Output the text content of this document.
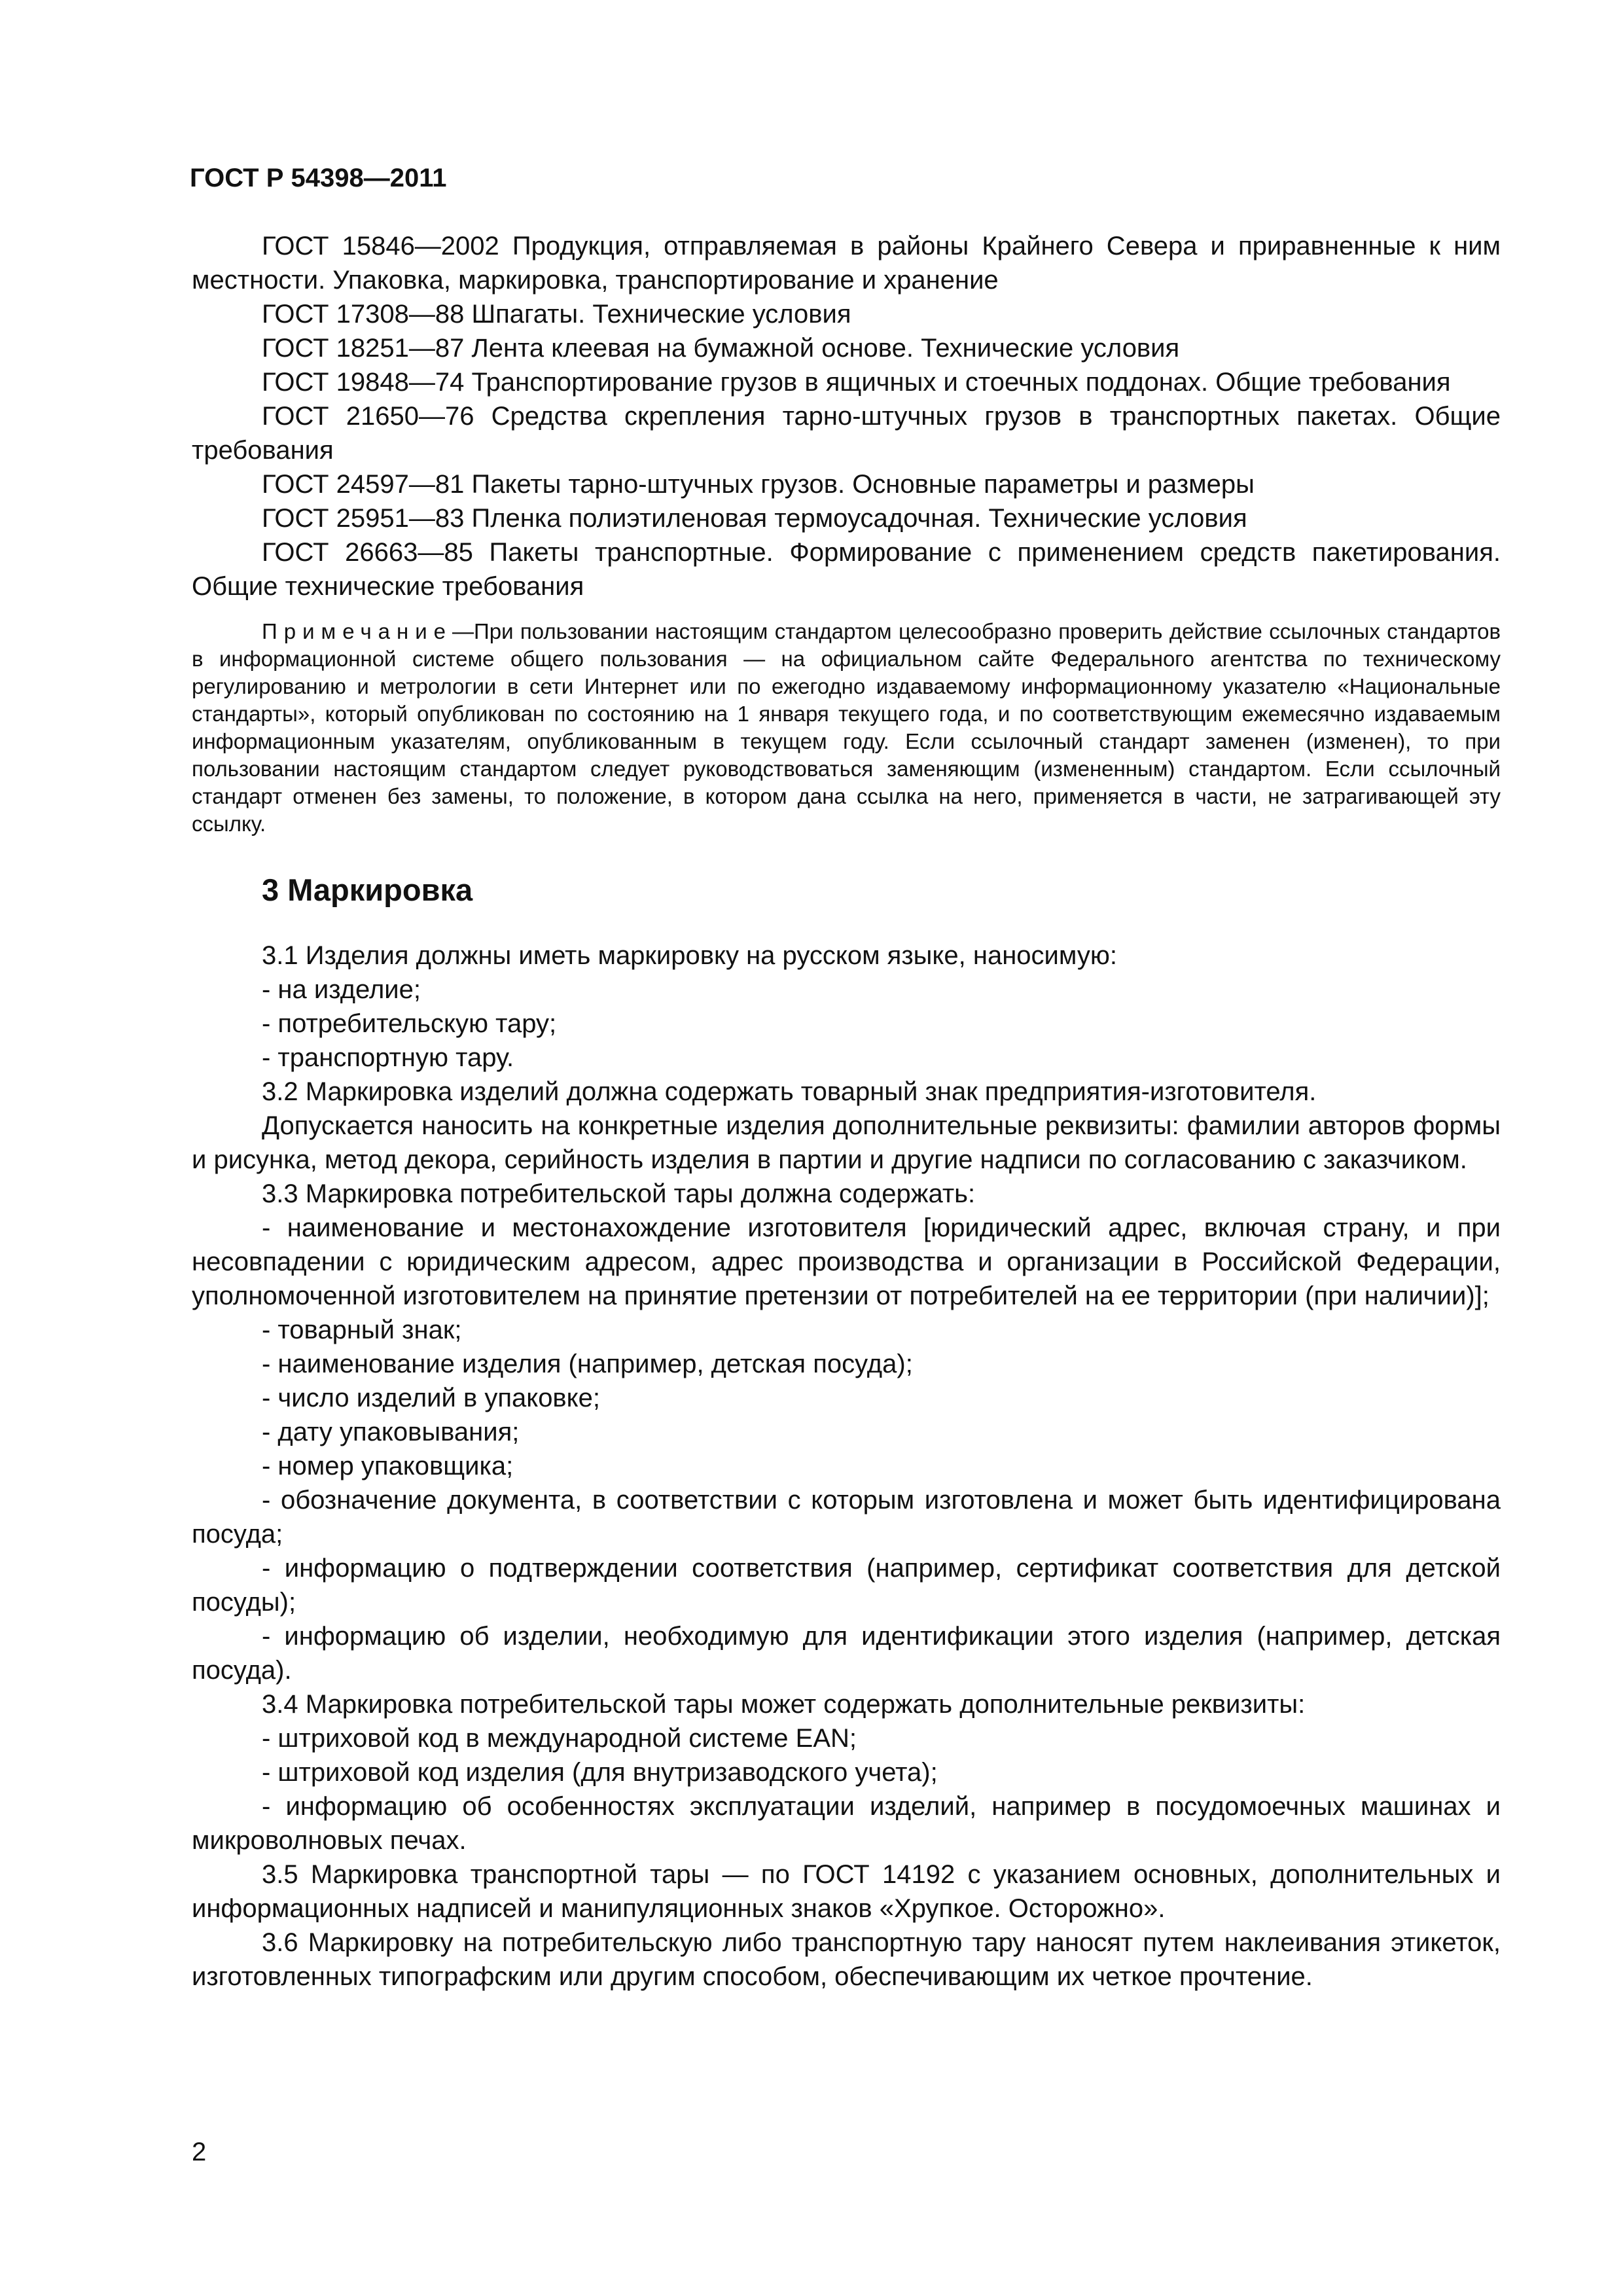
ГОСТ Р 54398—2011

ГОСТ 15846—2002 Продукция, отправляемая в районы Крайнего Севера и приравненные к ним местности. Упаковка, маркировка, транспортирование и хранение

ГОСТ 17308—88 Шпагаты. Технические условия

ГОСТ 18251—87 Лента клеевая на бумажной основе. Технические условия

ГОСТ 19848—74 Транспортирование грузов в ящичных и стоечных поддонах. Общие требования

ГОСТ 21650—76 Средства скрепления тарно-штучных грузов в транспортных пакетах. Общие требования

ГОСТ 24597—81 Пакеты тарно-штучных грузов. Основные параметры и размеры

ГОСТ 25951—83 Пленка полиэтиленовая термоусадочная. Технические условия

ГОСТ 26663—85 Пакеты транспортные. Формирование с применением средств пакетирования. Общие технические требования

Примечание—При пользовании настоящим стандартом целесообразно проверить действие ссылочных стандартов в информационной системе общего пользования — на официальном сайте Федерального агентства по техническому регулированию и метрологии в сети Интернет или по ежегодно издаваемому информационному указателю «Национальные стандарты», который опубликован по состоянию на 1 января текущего года, и по соответствующим ежемесячно издаваемым информационным указателям, опубликованным в текущем году. Если ссылочный стандарт заменен (изменен), то при пользовании настоящим стандартом следует руководствоваться заменяющим (измененным) стандартом. Если ссылочный стандарт отменен без замены, то положение, в котором дана ссылка на него, применяется в части, не затрагивающей эту ссылку.

3 Маркировка

3.1 Изделия должны иметь маркировку на русском языке, наносимую:

- на изделие;

- потребительскую тару;

- транспортную тару.

3.2 Маркировка изделий должна содержать товарный знак предприятия-изготовителя.

Допускается наносить на конкретные изделия дополнительные реквизиты: фамилии авторов формы и рисунка, метод декора, серийность изделия в партии и другие надписи по согласованию с заказчиком.

3.3 Маркировка потребительской тары должна содержать:

- наименование и местонахождение изготовителя [юридический адрес, включая страну, и при несовпадении с юридическим адресом, адрес производства и организации в Российской Федерации, уполномоченной изготовителем на принятие претензии от потребителей на ее территории (при наличии)];

- товарный знак;

- наименование изделия (например, детская посуда);

- число изделий в упаковке;

- дату упаковывания;

- номер упаковщика;

- обозначение документа, в соответствии с которым изготовлена и может быть идентифицирована посуда;

- информацию о подтверждении соответствия (например, сертификат соответствия для детской посуды);

- информацию об изделии, необходимую для идентификации этого изделия (например, детская посуда).

3.4 Маркировка потребительской тары может содержать дополнительные реквизиты:

- штриховой код в международной системе EAN;

- штриховой код изделия (для внутризаводского учета);

- информацию об особенностях эксплуатации изделий, например в посудомоечных машинах и микроволновых печах.

3.5 Маркировка транспортной тары — по ГОСТ 14192 с указанием основных, дополнительных и информационных надписей и манипуляционных знаков «Хрупкое. Осторожно».

3.6 Маркировку на потребительскую либо транспортную тару наносят путем наклеивания этикеток, изготовленных типографским или другим способом, обеспечивающим их четкое прочтение.

2
